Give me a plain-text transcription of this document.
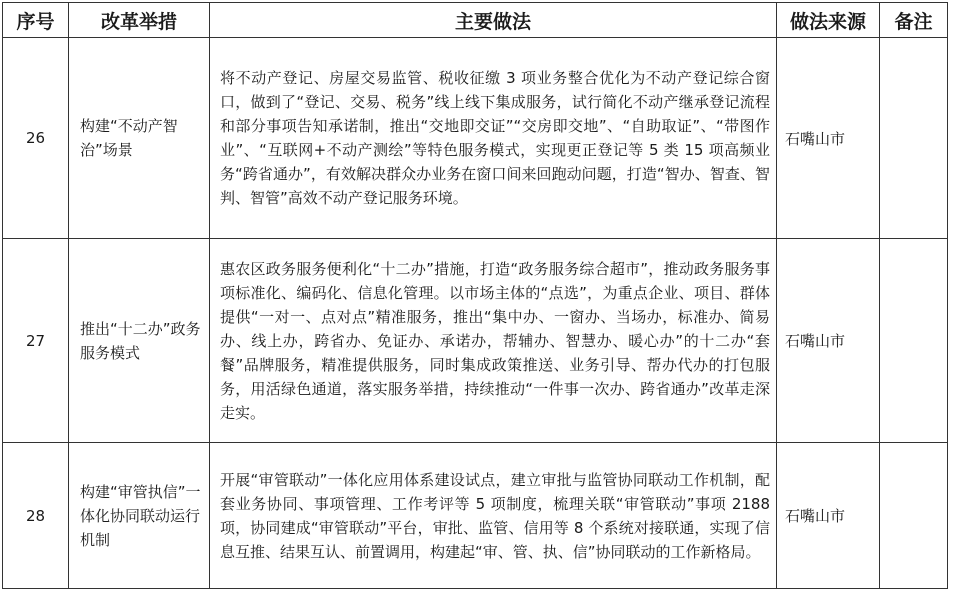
序号	改革举措	主要做法	做法来源	备注
26	构建“不动产智治”场景	将不动产登记、房屋交易监管、税收征缴 3 项业务整合优化为不动产登记综合窗口，做到了“登记、交易、税务”线上线下集成服务，试行简化不动产继承登记流程和部分事项告知承诺制，推出“交地即交证”“交房即交地”、“自助取证”、“带图作业”、“互联网+不动产测绘”等特色服务模式，实现更正登记等 5 类 15 项高频业务“跨省通办”，有效解决群众办业务在窗口间来回跑动问题，打造“智办、智查、智判、智管”高效不动产登记服务环境。	石嘴山市	
27	推出“十二办”政务服务模式	惠农区政务服务便利化“十二办”措施，打造“政务服务综合超市”，推动政务服务事项标准化、编码化、信息化管理。以市场主体的“点选”，为重点企业、项目、群体提供“一对一、点对点”精准服务，推出“集中办、一窗办、当场办，标准办、简易办、线上办，跨省办、免证办、承诺办，帮辅办、智慧办、暖心办”的十二办“套餐”品牌服务，精准提供服务，同时集成政策推送、业务引导、帮办代办的打包服务，用活绿色通道，落实服务举措，持续推动“一件事一次办、跨省通办”改革走深走实。	石嘴山市	
28	构建“审管执信”一体化协同联动运行机制	开展“审管联动”一体化应用体系建设试点，建立审批与监管协同联动工作机制，配套业务协同、事项管理、工作考评等 5 项制度，梳理关联“审管联动”事项 2188 项，协同建成“审管联动”平台，审批、监管、信用等 8 个系统对接联通，实现了信息互推、结果互认、前置调用，构建起“审、管、执、信”协同联动的工作新格局。	石嘴山市	
